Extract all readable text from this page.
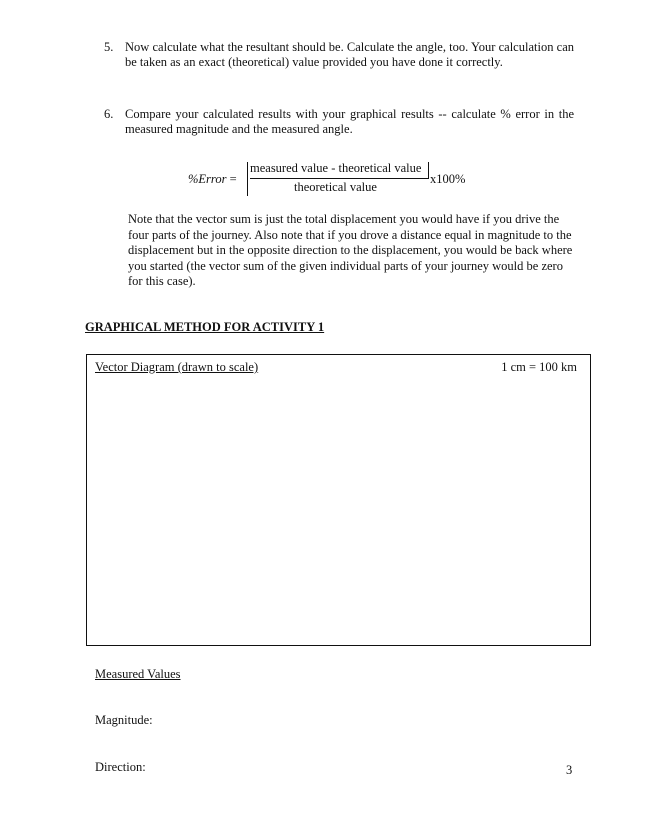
5. Now calculate what the resultant should be. Calculate the angle, too. Your calculation can be taken as an exact (theoretical) value provided you have done it correctly.
6. Compare your calculated results with your graphical results -- calculate % error in the measured magnitude and the measured angle.
%Error =
measured value - theoretical value
theoretical value
x100%
Note that the vector sum is just the total displacement you would have if you drive the four parts of the journey. Also note that if you drove a distance equal in magnitude to the displacement but in the opposite direction to the displacement, you would be back where you started (the vector sum of the given individual parts of your journey would be zero for this case).
GRAPHICAL METHOD FOR ACTIVITY 1
Vector Diagram (drawn to scale)	1 cm = 100 km
Measured Values
Magnitude:
Direction:	3
